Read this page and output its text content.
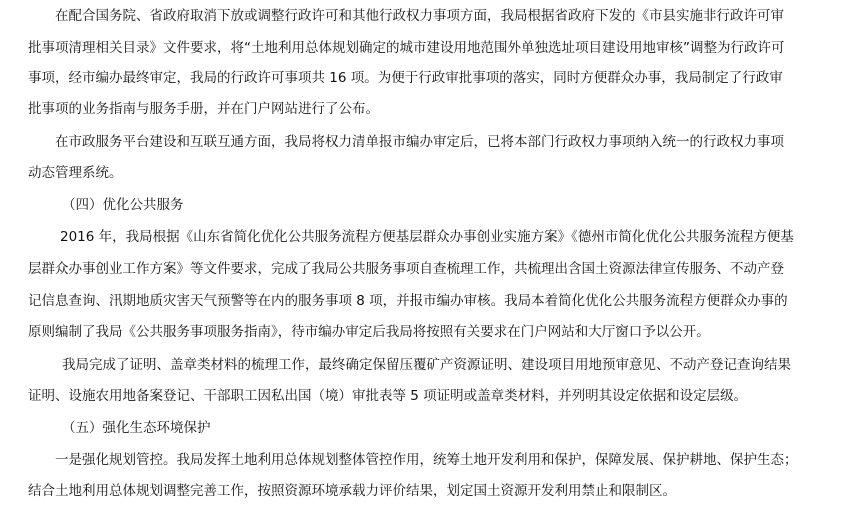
在配合国务院、省政府取消下放或调整行政许可和其他行政权力事项方面，我局根据省政府下发的《市县实施非行政许可审
批事项清理相关目录》文件要求，将“土地利用总体规划确定的城市建设用地范围外单独选址项目建设用地审核”调整为行政许可
事项，经市编办最终审定，我局的行政许可事项共 16 项。为便于行政审批事项的落实，同时方便群众办事，我局制定了行政审
批事项的业务指南与服务手册，并在门户网站进行了公布。
在市政服务平台建设和互联互通方面，我局将权力清单报市编办审定后，已将本部门行政权力事项纳入统一的行政权力事项
动态管理系统。
（四）优化公共服务
2016 年，我局根据《山东省简化优化公共服务流程方便基层群众办事创业实施方案》《德州市简化优化公共服务流程方便基
层群众办事创业工作方案》等文件要求，完成了我局公共服务事项自查梳理工作，共梳理出含国土资源法律宣传服务、不动产登
记信息查询、汛期地质灾害天气预警等在内的服务事项 8 项，并报市编办审核。我局本着简化优化公共服务流程方便群众办事的
原则编制了我局《公共服务事项服务指南》，待市编办审定后我局将按照有关要求在门户网站和大厅窗口予以公开。
我局完成了证明、盖章类材料的梳理工作，最终确定保留压覆矿产资源证明、建设项目用地预审意见、不动产登记查询结果
证明、设施农用地备案登记、干部职工因私出国（境）审批表等 5 项证明或盖章类材料，并列明其设定依据和设定层级。
（五）强化生态环境保护
一是强化规划管控。我局发挥土地利用总体规划整体管控作用，统筹土地开发利用和保护，保障发展、保护耕地、保护生态；
结合土地利用总体规划调整完善工作，按照资源环境承载力评价结果，划定国土资源开发利用禁止和限制区。
